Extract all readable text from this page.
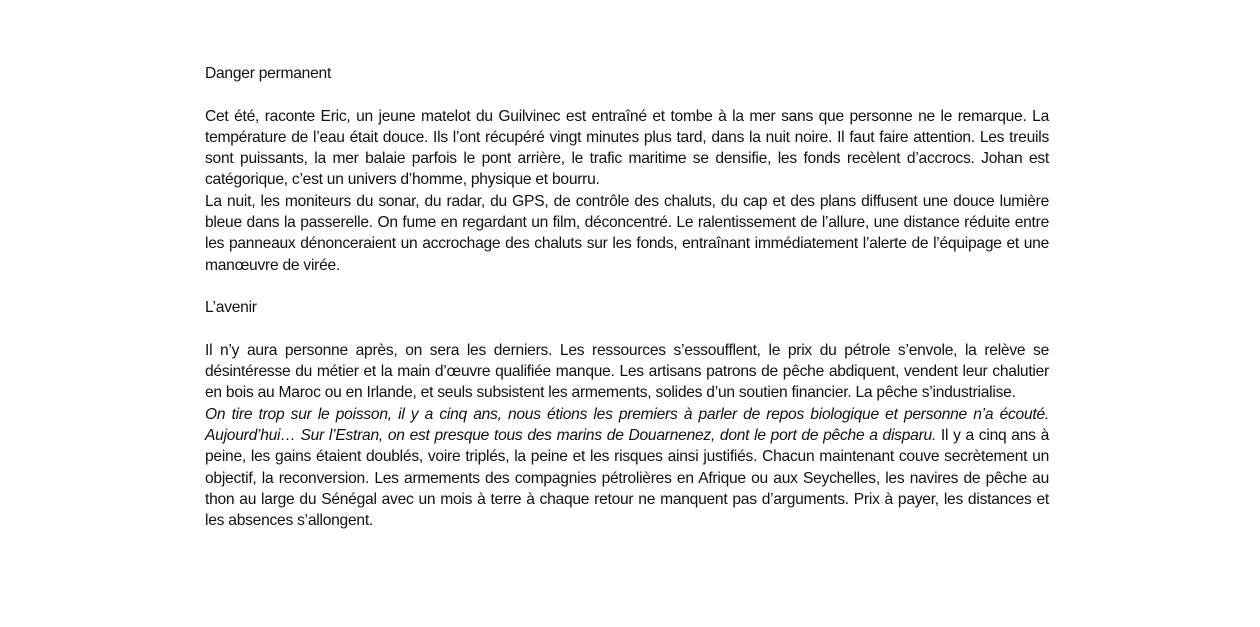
Danger permanent

Cet été, raconte Eric, un jeune matelot du Guilvinec est entraîné et tombe à la mer sans que personne ne le remarque. La température de l’eau était douce. Ils l’ont récupéré vingt minutes plus tard, dans la nuit noire. Il faut faire attention. Les treuils sont puissants, la mer balaie parfois le pont arrière, le trafic maritime se densifie, les fonds recèlent d’accrocs. Johan est catégorique, c’est un univers d’homme, physique et bourru.

La nuit, les moniteurs du sonar, du radar, du GPS, de contrôle des chaluts, du cap et des plans diffusent une douce lumière bleue dans la passerelle. On fume en regardant un film, déconcentré. Le ralentissement de l’allure, une distance réduite entre les panneaux dénonceraient un accrochage des chaluts sur les fonds, entraînant immédiatement l’alerte de l’équipage et une manœuvre de virée.

L’avenir

Il n’y aura personne après, on sera les derniers. Les ressources s’essoufflent, le prix du pétrole s’envole, la relève se désintéresse du métier et la main d’œuvre qualifiée manque. Les artisans patrons de pêche abdiquent, vendent leur chalutier en bois au Maroc ou en Irlande, et seuls subsistent les armements, solides d’un soutien financier. La pêche s’industrialise.

On tire trop sur le poisson, il y a cinq ans, nous étions les premiers à parler de repos biologique et personne n’a écouté. Aujourd’hui… Sur l’Estran, on est presque tous des marins de Douarnenez, dont le port de pêche a disparu. Il y a cinq ans à peine, les gains étaient doublés, voire triplés, la peine et les risques ainsi justifiés. Chacun maintenant couve secrètement un objectif, la reconversion. Les armements des compagnies pétrolières en Afrique ou aux Seychelles, les navires de pêche au thon au large du Sénégal avec un mois à terre à chaque retour ne manquent pas d’arguments. Prix à payer, les distances et les absences s’allongent.
